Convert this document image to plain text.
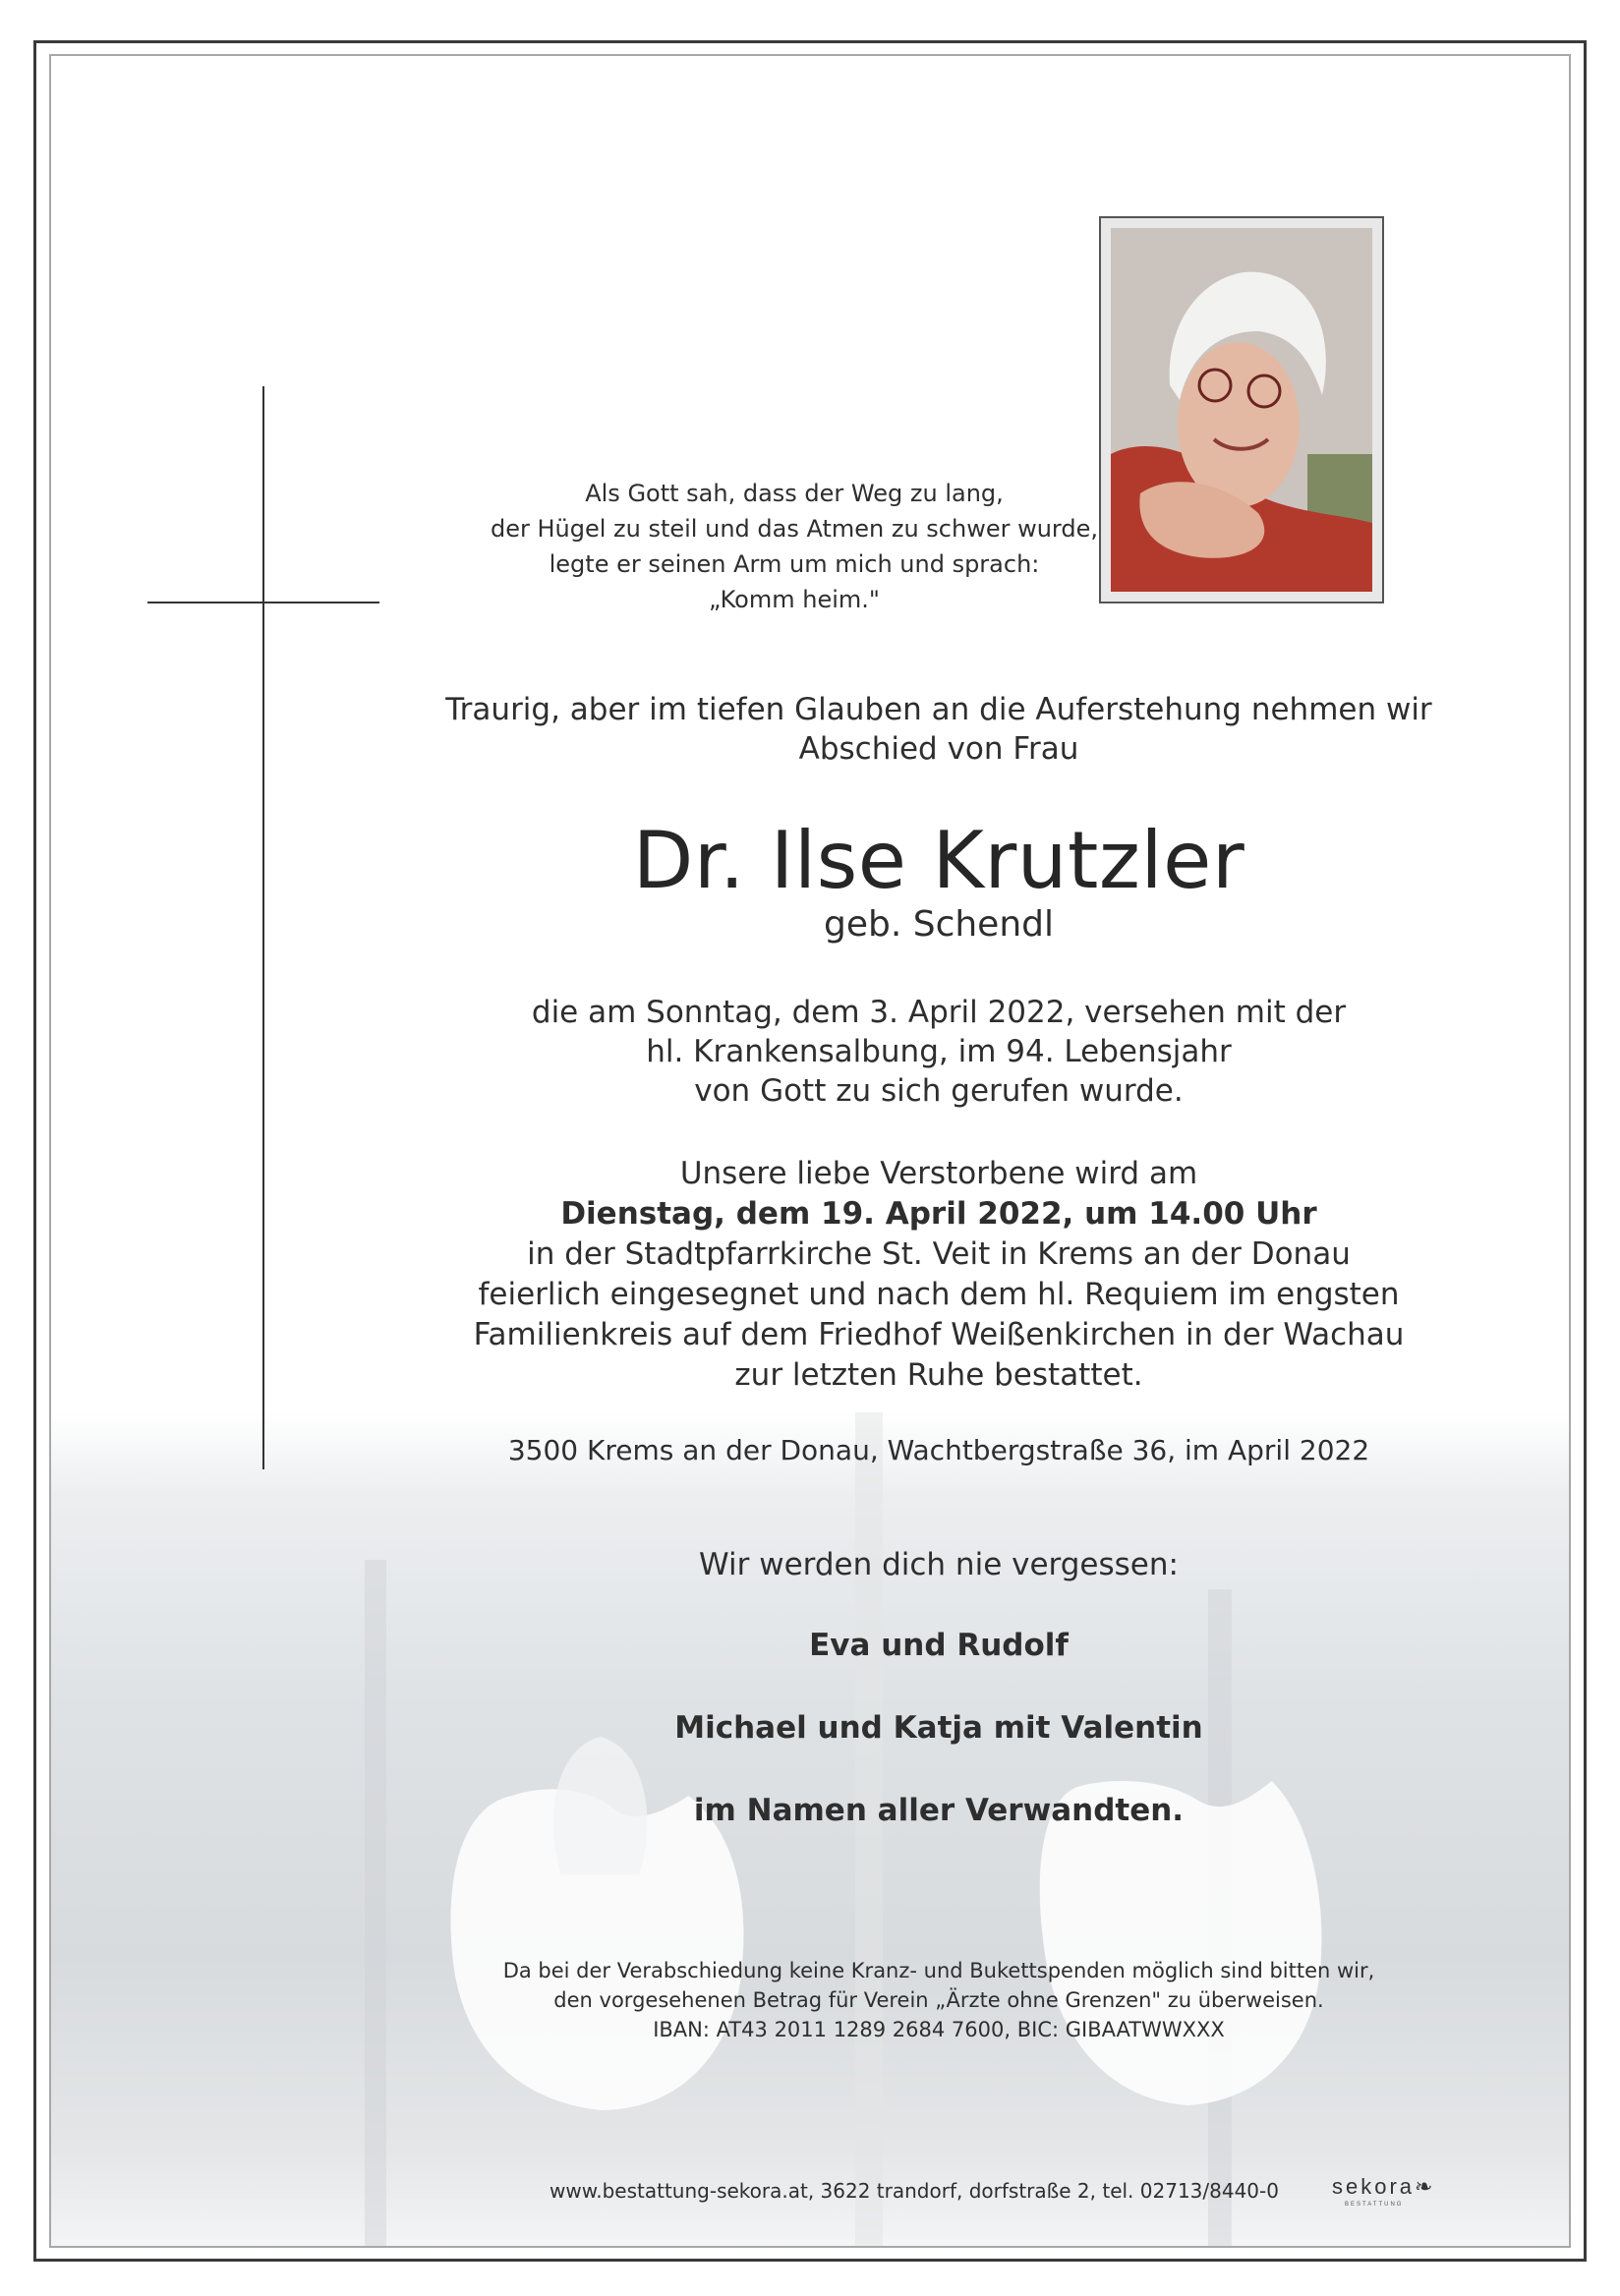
Als Gott sah, dass der Weg zu lang,
der Hügel zu steil und das Atmen zu schwer wurde,
legte er seinen Arm um mich und sprach:
„Komm heim."
Traurig, aber im tiefen Glauben an die Auferstehung nehmen wir
Abschied von Frau
Dr. Ilse Krutzler
geb. Schendl
die am Sonntag, dem 3. April 2022, versehen mit der
hl. Krankensalbung, im 94. Lebensjahr
von Gott zu sich gerufen wurde.
Unsere liebe Verstorbene wird am
Dienstag, dem 19. April 2022, um 14.00 Uhr
in der Stadtpfarrkirche St. Veit in Krems an der Donau
feierlich eingesegnet und nach dem hl. Requiem im engsten
Familienkreis auf dem Friedhof Weißenkirchen in der Wachau
zur letzten Ruhe bestattet.
3500 Krems an der Donau, Wachtbergstraße 36, im April 2022
Wir werden dich nie vergessen:
Eva und Rudolf
Michael und Katja mit Valentin
im Namen aller Verwandten.
Da bei der Verabschiedung keine Kranz- und Bukettspenden möglich sind bitten wir,
den vorgesehenen Betrag für Verein „Ärzte ohne Grenzen" zu überweisen.
IBAN: AT43 2011 1289 2684 7600, BIC: GIBAATWWXXX
www.bestattung-sekora.at, 3622 trandorf, dorfstraße 2, tel. 02713/8440-0	sekora❧
BESTATTUNG
